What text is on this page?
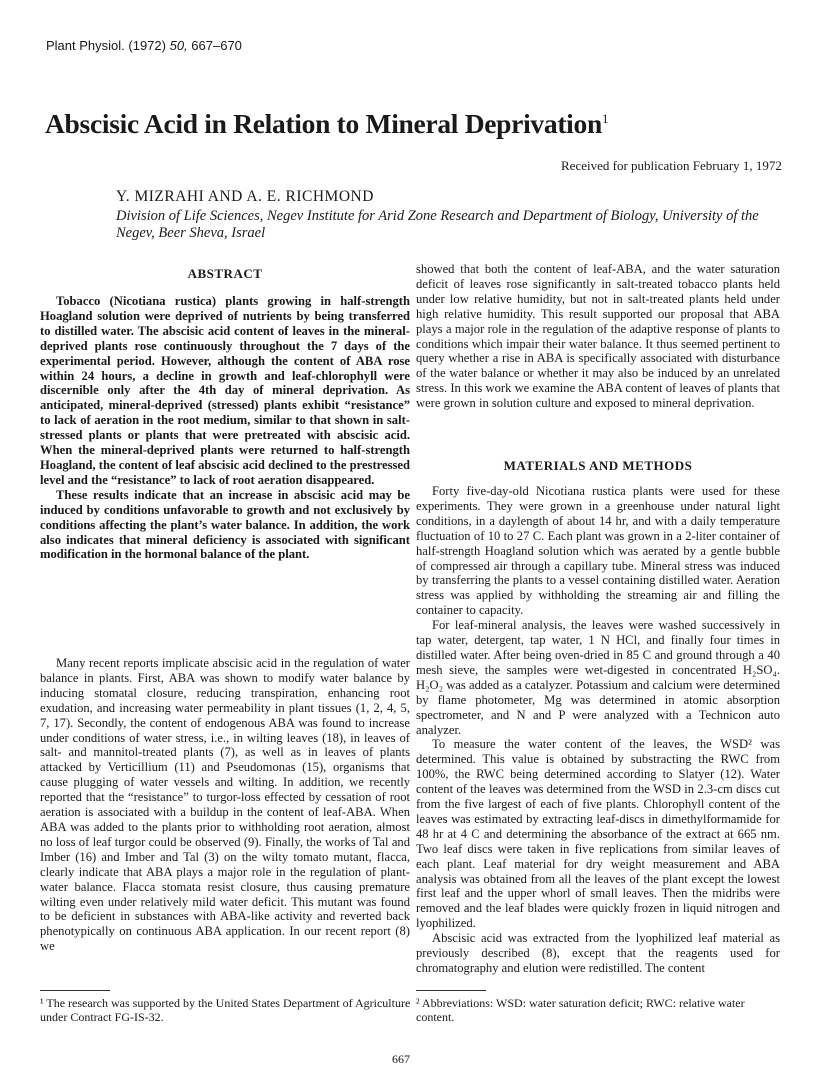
Plant Physiol. (1972) 50, 667–670
Abscisic Acid in Relation to Mineral Deprivation$^1$
Received for publication February 1, 1972
Y. MIZRAHI AND A. E. RICHMOND
Division of Life Sciences, Negev Institute for Arid Zone Research and Department of Biology, University of the Negev, Beer Sheva, Israel
ABSTRACT

Tobacco (Nicotiana rustica) plants growing in half-strength Hoagland solution were deprived of nutrients by being transferred to distilled water. The abscisic acid content of leaves in the mineral-deprived plants rose continuously throughout the 7 days of the experimental period. However, although the content of ABA rose within 24 hours, a decline in growth and leaf-chlorophyll were discernible only after the 4th day of mineral deprivation. As anticipated, mineral-deprived (stressed) plants exhibit “resistance” to lack of aeration in the root medium, similar to that shown in salt-stressed plants or plants that were pretreated with abscisic acid. When the mineral-deprived plants were returned to half-strength Hoagland, the content of leaf abscisic acid declined to the prestressed level and the “resistance” to lack of root aeration disappeared.

These results indicate that an increase in abscisic acid may be induced by conditions unfavorable to growth and not exclusively by conditions affecting the plant’s water balance. In addition, the work also indicates that mineral deficiency is associated with significant modification in the hormonal balance of the plant.

Many recent reports implicate abscisic acid in the regulation of water balance in plants. First, ABA was shown to modify water balance by inducing stomatal closure, reducing transpiration, enhancing root exudation, and increasing water permeability in plant tissues (1, 2, 4, 5, 7, 17). Secondly, the content of endogenous ABA was found to increase under conditions of water stress, i.e., in wilting leaves (18), in leaves of salt- and mannitol-treated plants (7), as well as in leaves of plants attacked by Verticillium (11) and Pseudomonas (15), organisms that cause plugging of water vessels and wilting. In addition, we recently reported that the “resistance” to turgor-loss effected by cessation of root aeration is associated with a buildup in the content of leaf-ABA. When ABA was added to the plants prior to withholding root aeration, almost no loss of leaf turgor could be observed (9). Finally, the works of Tal and Imber (16) and Imber and Tal (3) on the wilty tomato mutant, flacca, clearly indicate that ABA plays a major role in the regulation of plant-water balance. Flacca stomata resist closure, thus causing premature wilting even under relatively mild water deficit. This mutant was found to be deficient in substances with ABA-like activity and reverted back phenotypically on continuous ABA application. In our recent report (8) we

showed that both the content of leaf-ABA, and the water saturation deficit of leaves rose significantly in salt-treated tobacco plants held under low relative humidity, but not in salt-treated plants held under high relative humidity. This result supported our proposal that ABA plays a major role in the regulation of the adaptive response of plants to conditions which impair their water balance. It thus seemed pertinent to query whether a rise in ABA is specifically associated with disturbance of the water balance or whether it may also be induced by an unrelated stress. In this work we examine the ABA content of leaves of plants that were grown in solution culture and exposed to mineral deprivation.

MATERIALS AND METHODS

Forty five-day-old Nicotiana rustica plants were used for these experiments. They were grown in a greenhouse under natural light conditions, in a daylength of about 14 hr, and with a daily temperature fluctuation of 10 to 27 C. Each plant was grown in a 2-liter container of half-strength Hoagland solution which was aerated by a gentle bubble of compressed air through a capillary tube. Mineral stress was induced by transferring the plants to a vessel containing distilled water. Aeration stress was applied by withholding the streaming air and filling the container to capacity.

For leaf-mineral analysis, the leaves were washed successively in tap water, detergent, tap water, 1 N HCl, and finally four times in distilled water. After being oven-dried in 85 C and ground through a 40 mesh sieve, the samples were wet-digested in concentrated H₂SO₄. H₂O₂ was added as a catalyzer. Potassium and calcium were determined by flame photometer, Mg was determined in atomic absorption spectrometer, and N and P were analyzed with a Technicon auto analyzer.

To measure the water content of the leaves, the WSD² was determined. This value is obtained by substracting the RWC from 100%, the RWC being determined according to Slatyer (12). Water content of the leaves was determined from the WSD in 2.3-cm discs cut from the five largest of each of five plants. Chlorophyll content of the leaves was estimated by extracting leaf-discs in dimethylformamide for 48 hr at 4 C and determining the absorbance of the extract at 665 nm. Two leaf discs were taken in five replications from similar leaves of each plant. Leaf material for dry weight measurement and ABA analysis was obtained from all the leaves of the plant except the lowest first leaf and the upper whorl of small leaves. Then the midribs were removed and the leaf blades were quickly frozen in liquid nitrogen and lyophilized.

Abscisic acid was extracted from the lyophilized leaf material as previously described (8), except that the reagents used for chromatography and elution were redistilled. The content

¹ The research was supported by the United States Department of Agriculture under Contract FG-IS-32.
² Abbreviations: WSD: water saturation deficit; RWC: relative water content.
667
